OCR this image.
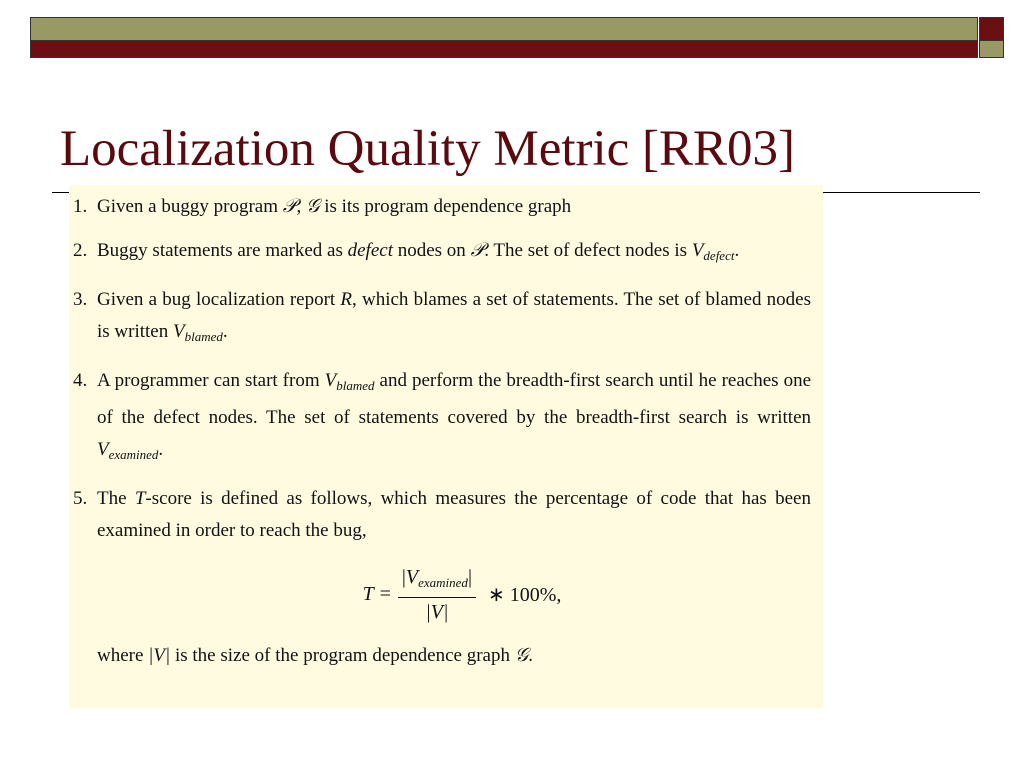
Localization Quality Metric [RR03]
1. Given a buggy program 𝒫, 𝒢 is its program dependence graph
2. Buggy statements are marked as defect nodes on 𝒫. The set of defect nodes is $V_{defect}$.
3. Given a bug localization report R, which blames a set of statements. The set of blamed nodes is written $V_{blamed}$.
4. A programmer can start from $V_{blamed}$ and perform the breadth-first search until he reaches one of the defect nodes. The set of statements covered by the breadth-first search is written $V_{examined}$.
5. The T-score is defined as follows, which measures the percentage of code that has been examined in order to reach the bug,
$T = \frac{|V_{examined}|}{|V|}$ ∗ 100%,
where |V| is the size of the program dependence graph 𝒢.
